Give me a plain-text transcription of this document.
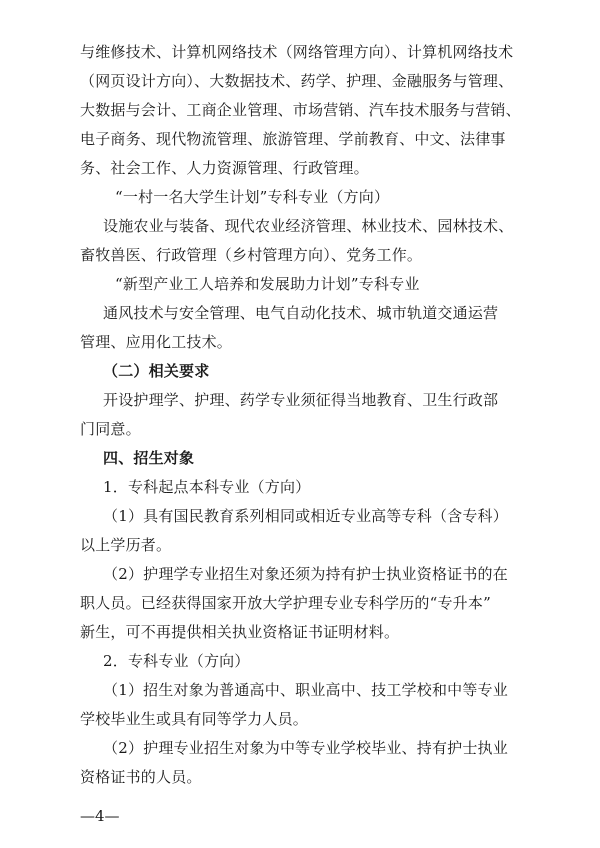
与维修技术、计算机网络技术（网络管理方向）、计算机网络技术
（网页设计方向）、大数据技术、药学、护理、金融服务与管理、
大数据与会计、工商企业管理、市场营销、汽车技术服务与营销、
电子商务、现代物流管理、旅游管理、学前教育、中文、法律事
务、社会工作、人力资源管理、行政管理。
“一村一名大学生计划”专科专业（方向）
设施农业与装备、现代农业经济管理、林业技术、园林技术、
畜牧兽医、行政管理（乡村管理方向）、党务工作。
“新型产业工人培养和发展助力计划”专科专业
通风技术与安全管理、电气自动化技术、城市轨道交通运营
管理、应用化工技术。
（二）相关要求
开设护理学、护理、药学专业须征得当地教育、卫生行政部
门同意。
四、招生对象
1．专科起点本科专业（方向）
（1）具有国民教育系列相同或相近专业高等专科（含专科）
以上学历者。
（2）护理学专业招生对象还须为持有护士执业资格证书的在
职人员。已经获得国家开放大学护理专业专科学历的“专升本”
新生，可不再提供相关执业资格证书证明材料。
2．专科专业（方向）
（1）招生对象为普通高中、职业高中、技工学校和中等专业
学校毕业生或具有同等学力人员。
（2）护理专业招生对象为中等专业学校毕业、持有护士执业
资格证书的人员。
—4—
